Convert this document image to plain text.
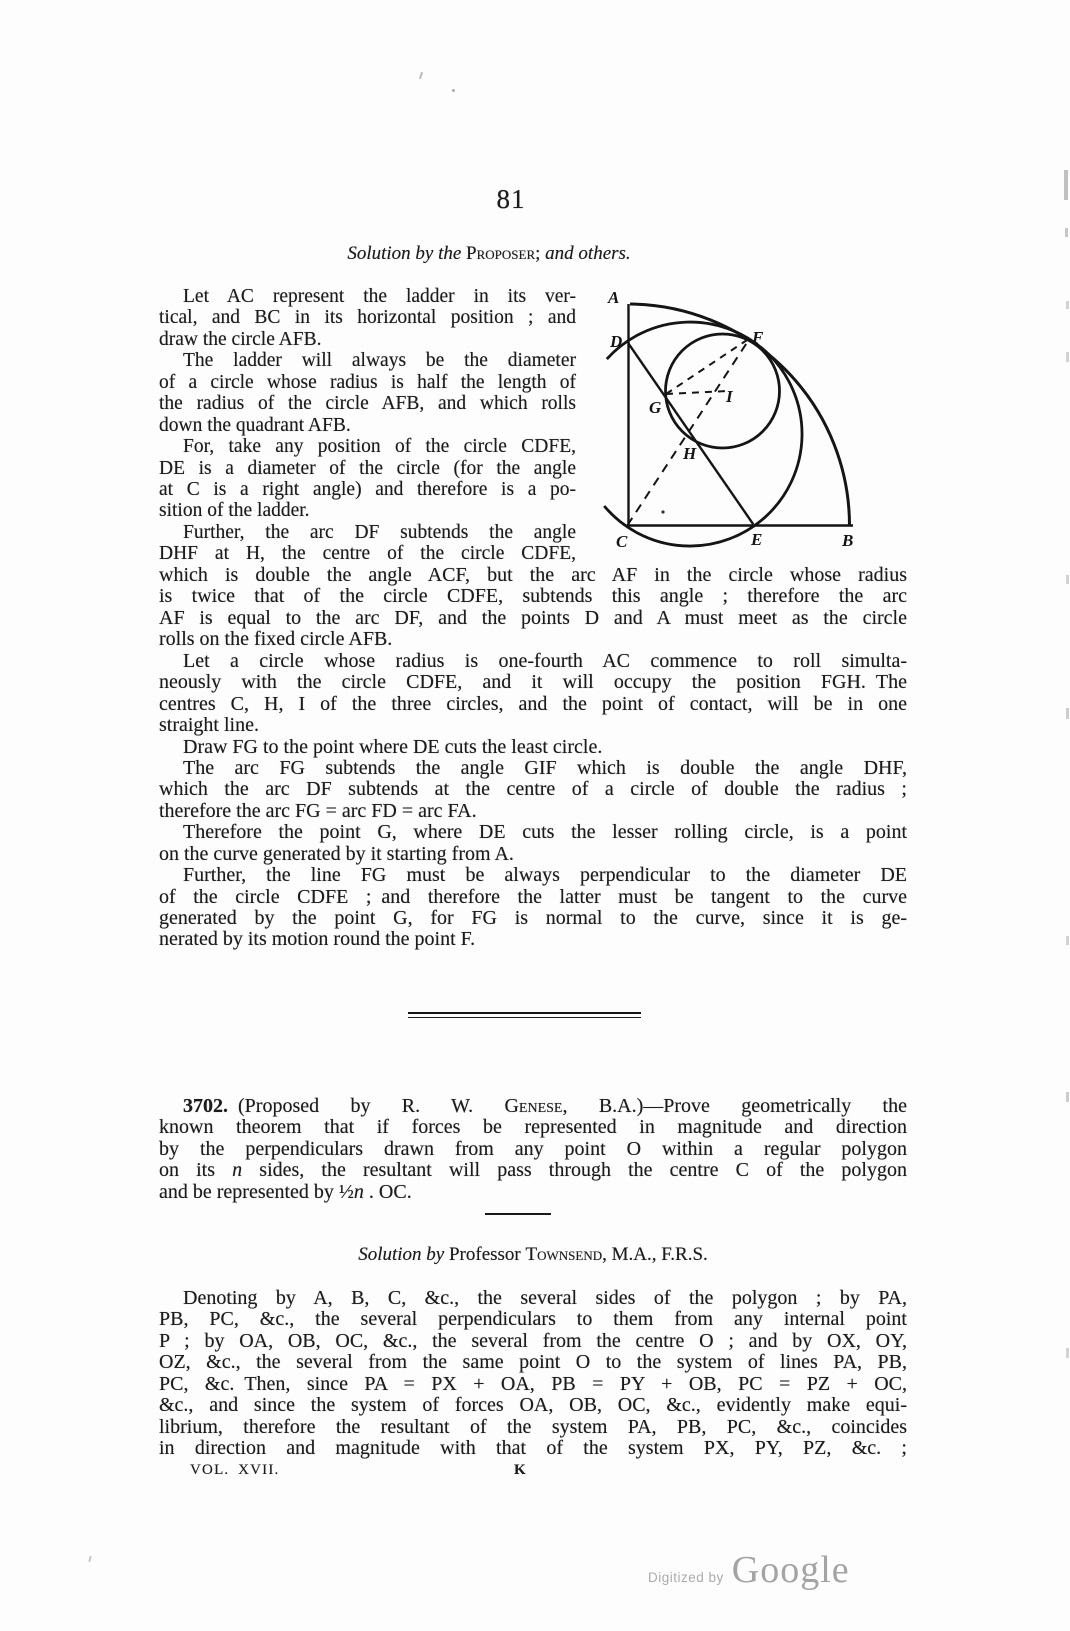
81
Solution by the Proposer; and others.
Let AC represent the ladder in its ver-
tical, and BC in its horizontal position ; and
draw the circle AFB.
The ladder will always be the diameter
of a circle whose radius is half the length of
the radius of the circle AFB, and which rolls
down the quadrant AFB.
For, take any position of the circle CDFE,
DE is a diameter of the circle (for the angle
at C is a right angle) and therefore is a po-
sition of the ladder.
Further, the arc DF subtends the angle
DHF at H, the centre of the circle CDFE,
A
D	F
G
I
H
C	E	B
which is double the angle ACF, but the arc AF in the circle whose radius
is twice that of the circle CDFE, subtends this angle ; therefore the arc
AF is equal to the arc DF, and the points D and A must meet as the circle
rolls on the fixed circle AFB.
Let a circle whose radius is one-fourth AC commence to roll simulta-
neously with the circle CDFE, and it will occupy the position FGH. The
centres C, H, I of the three circles, and the point of contact, will be in one
straight line.
Draw FG to the point where DE cuts the least circle.
The arc FG subtends the angle GIF which is double the angle DHF,
which the arc DF subtends at the centre of a circle of double the radius ;
therefore the arc FG = arc FD = arc FA.
Therefore the point G, where DE cuts the lesser rolling circle, is a point
on the curve generated by it starting from A.
Further, the line FG must be always perpendicular to the diameter DE
of the circle CDFE ; and therefore the latter must be tangent to the curve
generated by the point G, for FG is normal to the curve, since it is ge-
nerated by its motion round the point F.
3702. (Proposed by R. W. Genese, B.A.)—Prove geometrically the
known theorem that if forces be represented in magnitude and direction
by the perpendiculars drawn from any point O within a regular polygon
on its n sides, the resultant will pass through the centre C of the polygon
and be represented by ½n . OC.
Solution by Professor Townsend, M.A., F.R.S.
Denoting by A, B, C, &c., the several sides of the polygon ; by PA,
PB, PC, &c., the several perpendiculars to them from any internal point
P ; by OA, OB, OC, &c., the several from the centre O ; and by OX, OY,
OZ, &c., the several from the same point O to the system of lines PA, PB,
PC, &c. Then, since PA = PX + OA, PB = PY + OB, PC = PZ + OC,
&c., and since the system of forces OA, OB, OC, &c., evidently make equi-
librium, therefore the resultant of the system PA, PB, PC, &c., coincides
in direction and magnitude with that of the system PX, PY, PZ, &c. ;
VOL. XVII.	K
Digitized by Google
